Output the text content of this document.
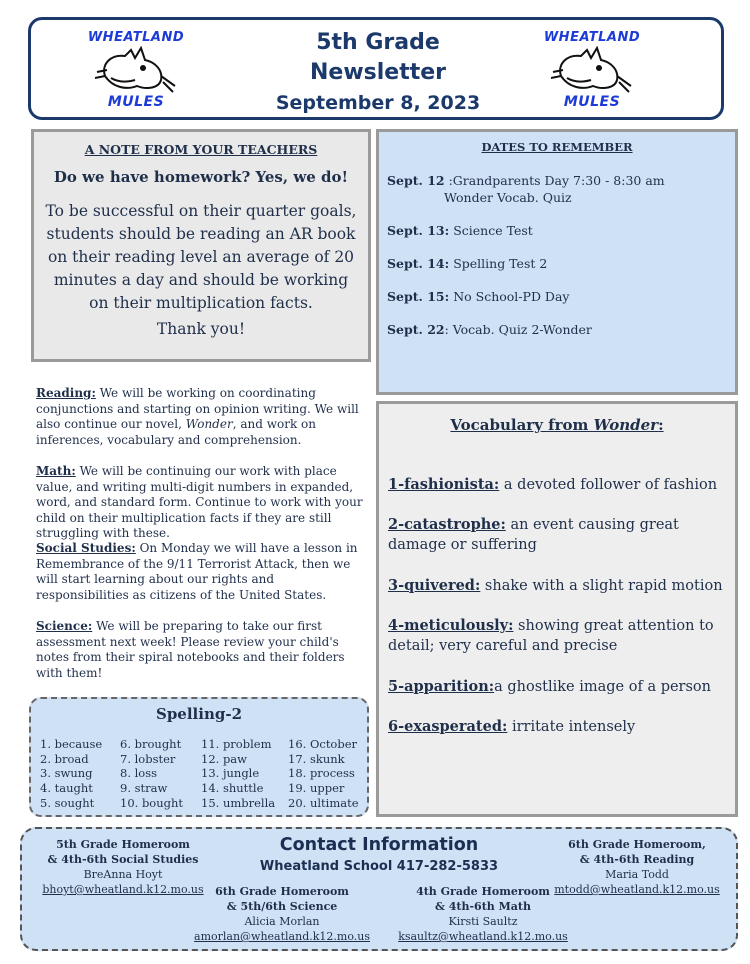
WHEATLAND
MULES
5th Grade
Newsletter
September 8, 2023
WHEATLAND
MULES
A NOTE FROM YOUR TEACHERS
Do we have homework? Yes, we do!
To be successful on their quarter goals, students should be reading an AR book on their reading level an average of 20 minutes a day and should be working on their multiplication facts.
Thank you!
DATES TO REMEMBER
Sept. 12 :Grandparents Day 7:30 - 8:30 am
Wonder Vocab. Quiz
Sept. 13: Science Test
Sept. 14: Spelling Test 2
Sept. 15: No School-PD Day
Sept. 22: Vocab. Quiz 2-Wonder
Reading: We will be working on coordinating conjunctions and starting on opinion writing. We will also continue our novel, Wonder, and work on inferences, vocabulary and comprehension.
Math: We will be continuing our work with place value, and writing multi-digit numbers in expanded, word, and standard form. Continue to work with your child on their multiplication facts if they are still struggling with these.
Social Studies: On Monday we will have a lesson in Remembrance of the 9/11 Terrorist Attack, then we will start learning about our rights and responsibilities as citizens of the United States.
Science: We will be preparing to take our first assessment next week! Please review your child's notes from their spiral notebooks and their folders with them!
Vocabulary from Wonder:
1-fashionista: a devoted follower of fashion
2-catastrophe: an event causing great damage or suffering
3-quivered: shake with a slight rapid motion
4-meticulously: showing great attention to detail; very careful and precise
5-apparition:a ghostlike image of a person
6-exasperated: irritate intensely
Spelling-2
1. because
2. broad
3. swung
4. taught
5. sought
6. brought
7. lobster
8. loss
9. straw
10. bought
11. problem
12. paw
13. jungle
14. shuttle
15. umbrella
16. October
17. skunk
18. process
19. upper
20. ultimate
Contact Information
Wheatland School 417-282-5833
5th Grade Homeroom
& 4th-6th Social Studies
BreAnna Hoyt
bhoyt@wheatland.k12.mo.us	6th Grade Homeroom
& 5th/6th Science
Alicia Morlan
amorlan@wheatland.k12.mo.us
4th Grade Homeroom
& 4th-6th Math
Kirsti Saultz
ksaultz@wheatland.k12.mo.us
6th Grade Homeroom,
& 4th-6th Reading
Maria Todd
mtodd@wheatland.k12.mo.us
